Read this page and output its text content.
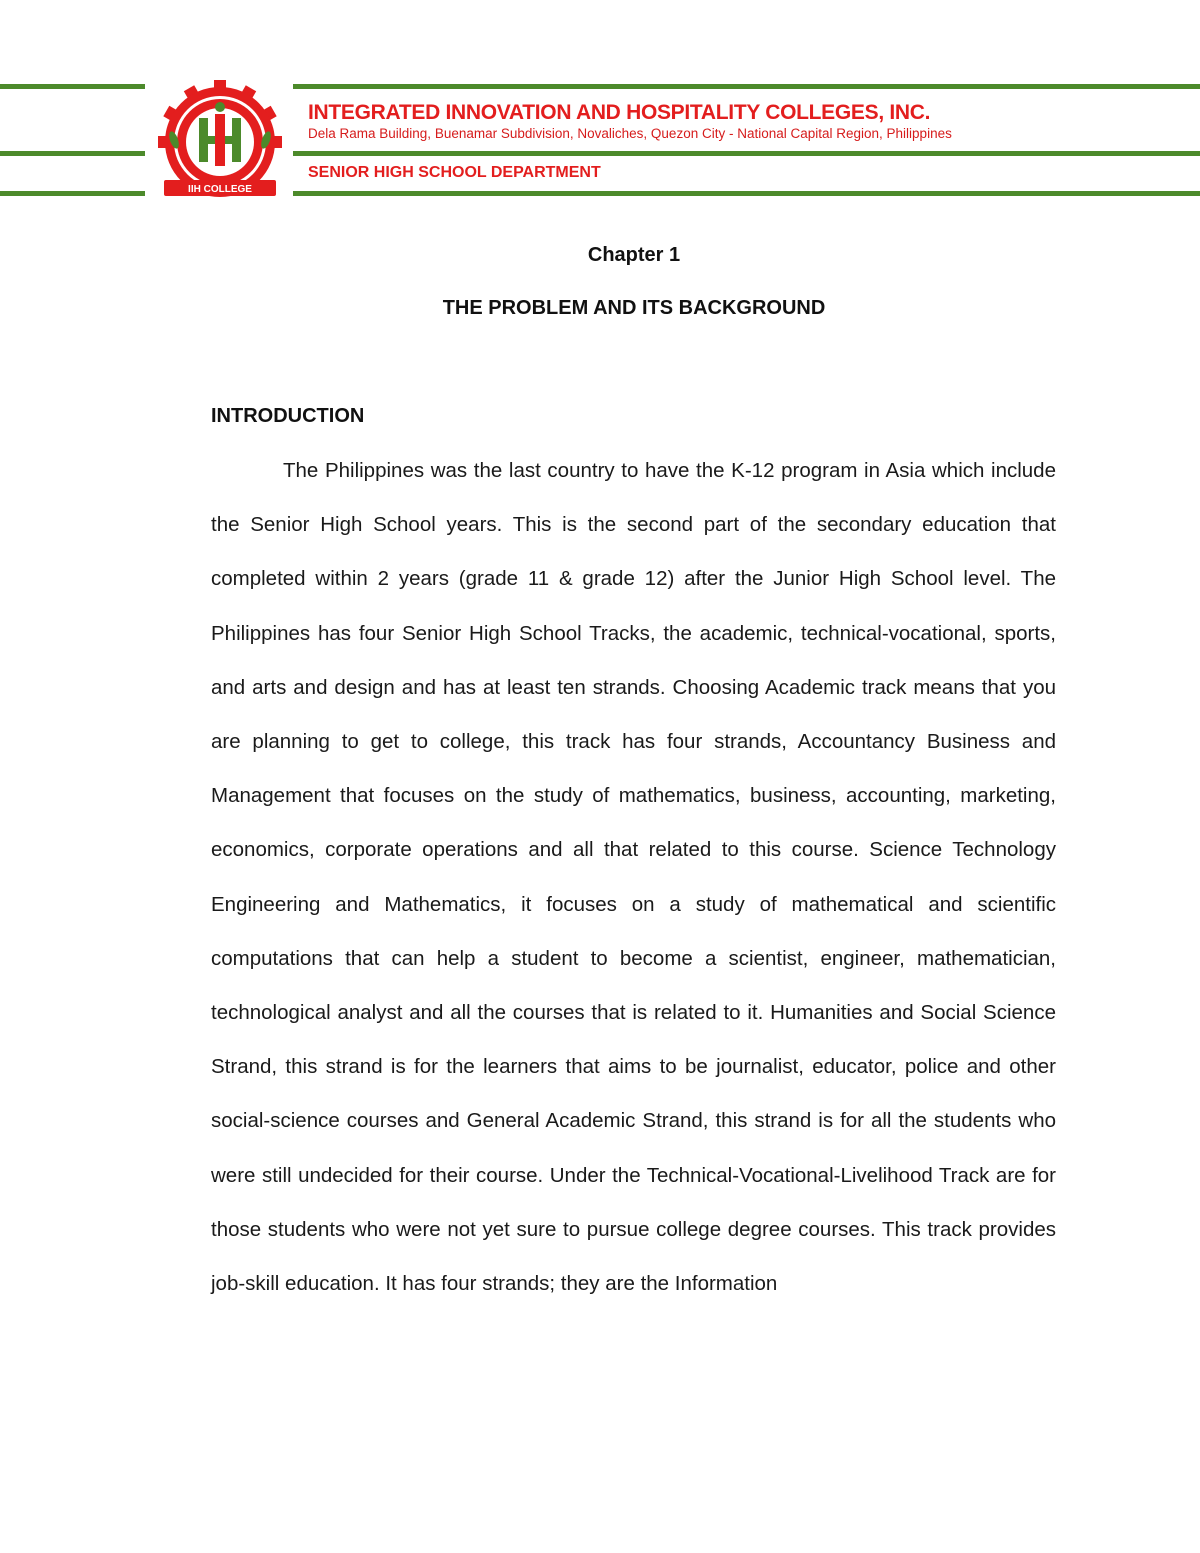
IIH COLLEGE

INTEGRATED INNOVATION AND HOSPITALITY COLLEGES, INC.

Dela Rama Building, Buenamar Subdivision, Novaliches, Quezon City - National Capital Region, Philippines

SENIOR HIGH SCHOOL DEPARTMENT

Chapter 1
THE PROBLEM AND ITS BACKGROUND
INTRODUCTION

The Philippines was the last country to have the K-12 program in Asia which include the Senior High School years. This is the second part of the secondary education that completed within 2 years (grade 11 & grade 12) after the Junior High School level. The Philippines has four Senior High School Tracks, the academic, technical-vocational, sports, and arts and design and has at least ten strands. Choosing Academic track means that you are planning to get to college, this track has four strands, Accountancy Business and Management that focuses on the study of mathematics, business, accounting, marketing, economics, corporate operations and all that related to this course. Science Technology Engineering and Mathematics, it focuses on a study of mathematical and scientific computations that can help a student to become a scientist, engineer, mathematician, technological analyst and all the courses that is related to it. Humanities and Social Science Strand, this strand is for the learners that aims to be journalist, educator, police and other social-science courses and General Academic Strand, this strand is for all the students who were still undecided for their course. Under the Technical-Vocational-Livelihood Track are for those students who were not yet sure to pursue college degree courses. This track provides job-skill education. It has four strands; they are the Information
